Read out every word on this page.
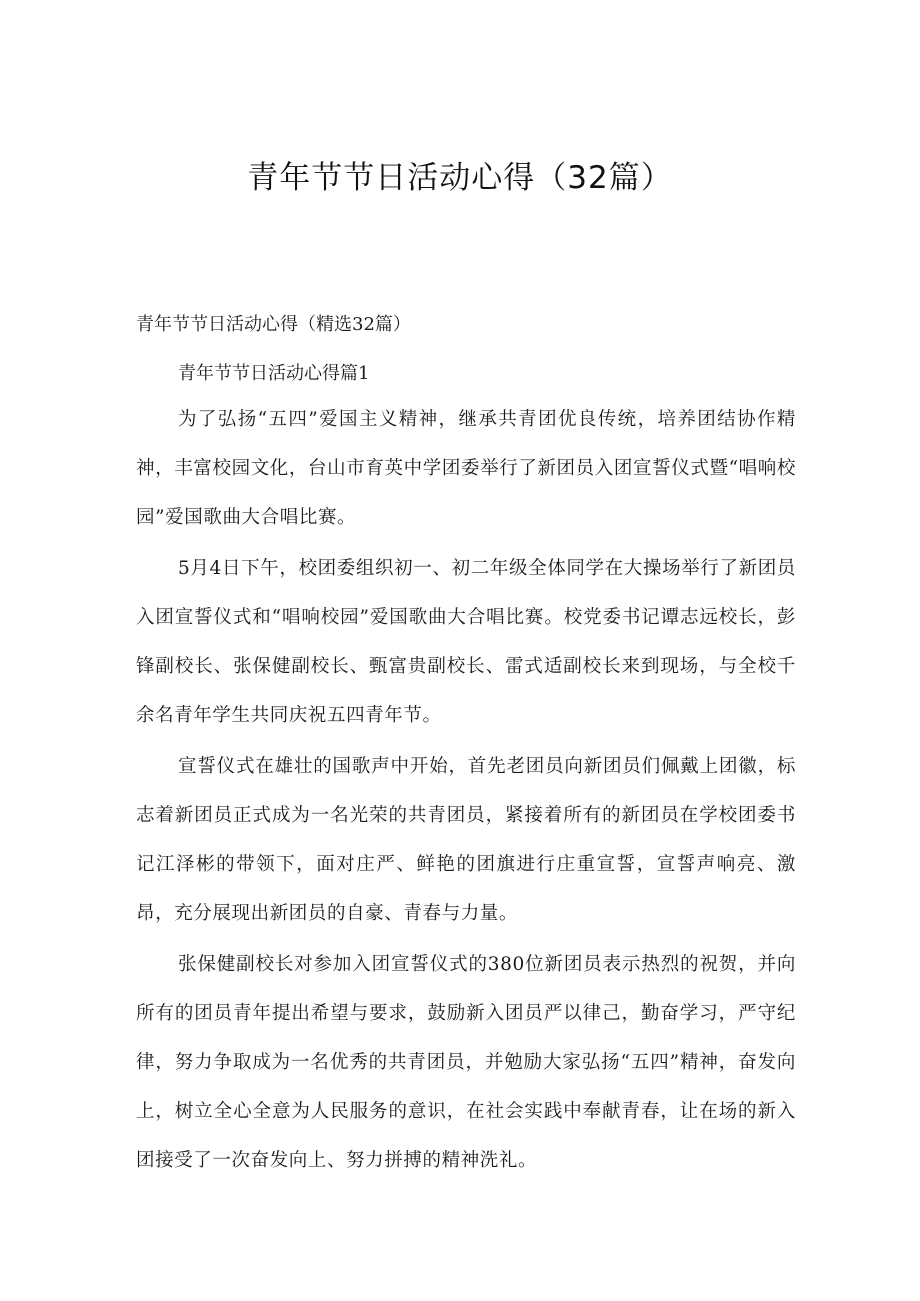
青年节节日活动心得（32篇）

青年节节日活动心得（精选32篇）

青年节节日活动心得篇1

为了弘扬“五四”爱国主义精神，继承共青团优良传统，培养团结协作精神，丰富校园文化，台山市育英中学团委举行了新团员入团宣誓仪式暨“唱响校园”爱国歌曲大合唱比赛。

5月4日下午，校团委组织初一、初二年级全体同学在大操场举行了新团员入团宣誓仪式和“唱响校园”爱国歌曲大合唱比赛。校党委书记谭志远校长，彭锋副校长、张保健副校长、甄富贵副校长、雷式适副校长来到现场，与全校千余名青年学生共同庆祝五四青年节。

宣誓仪式在雄壮的国歌声中开始，首先老团员向新团员们佩戴上团徽，标志着新团员正式成为一名光荣的共青团员，紧接着所有的新团员在学校团委书记江泽彬的带领下，面对庄严、鲜艳的团旗进行庄重宣誓，宣誓声响亮、激昂，充分展现出新团员的自豪、青春与力量。

张保健副校长对参加入团宣誓仪式的380位新团员表示热烈的祝贺，并向所有的团员青年提出希望与要求，鼓励新入团员严以律己，勤奋学习，严守纪律，努力争取成为一名优秀的共青团员，并勉励大家弘扬“五四”精神，奋发向上，树立全心全意为人民服务的意识，在社会实践中奉献青春，让在场的新入团接受了一次奋发向上、努力拼搏的精神洗礼。
